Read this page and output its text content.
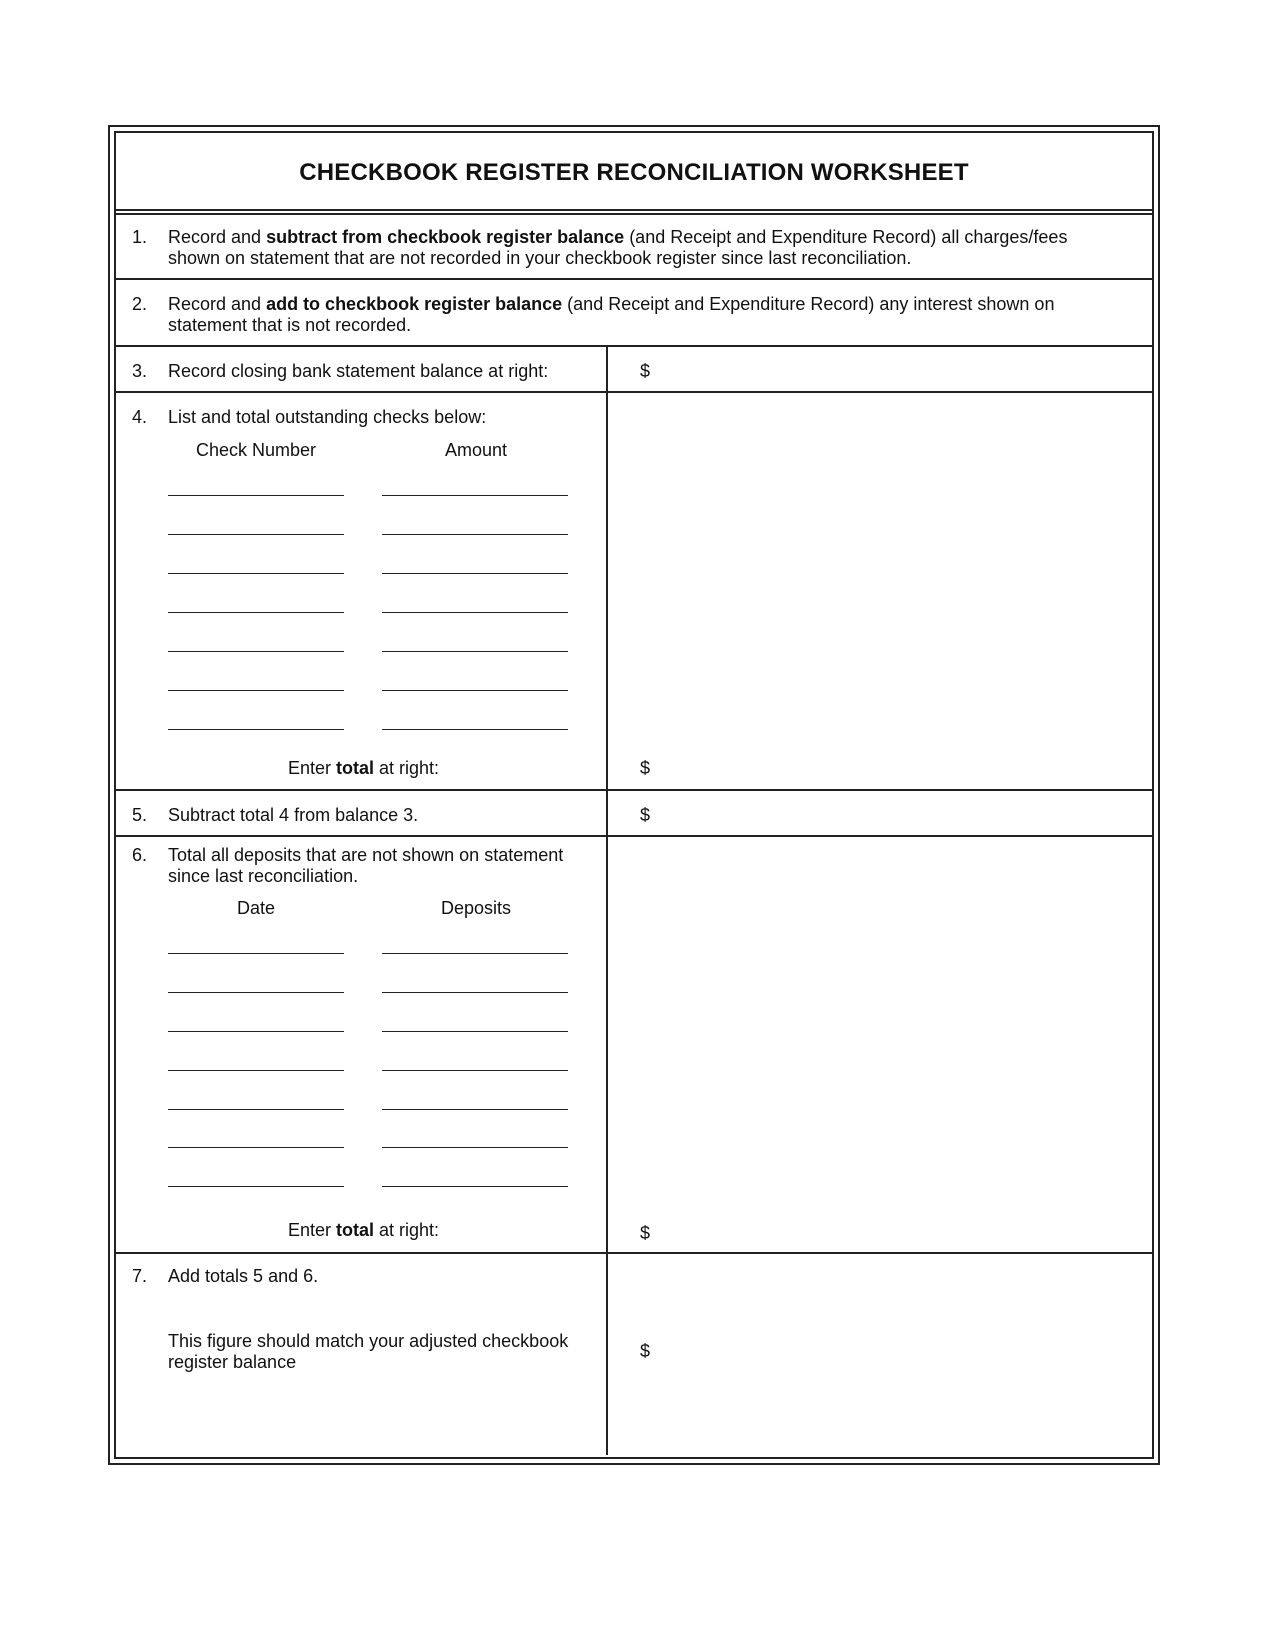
CHECKBOOK REGISTER RECONCILIATION WORKSHEET
1. Record and subtract from checkbook register balance (and Receipt and Expenditure Record) all charges/fees
shown on statement that are not recorded in your checkbook register since last reconciliation.
2. Record and add to checkbook register balance (and Receipt and Expenditure Record) any interest shown on
statement that is not recorded.
3. Record closing bank statement balance at right:	$
4. List and total outstanding checks below:
Check Number	Amount
Enter total at right:	$
5. Subtract total 4 from balance 3.	$
6. Total all deposits that are not shown on statement
since last reconciliation.
Date	Deposits
Enter total at right:	$
7. Add totals 5 and 6.
This figure should match your adjusted checkbook
register balance
$
